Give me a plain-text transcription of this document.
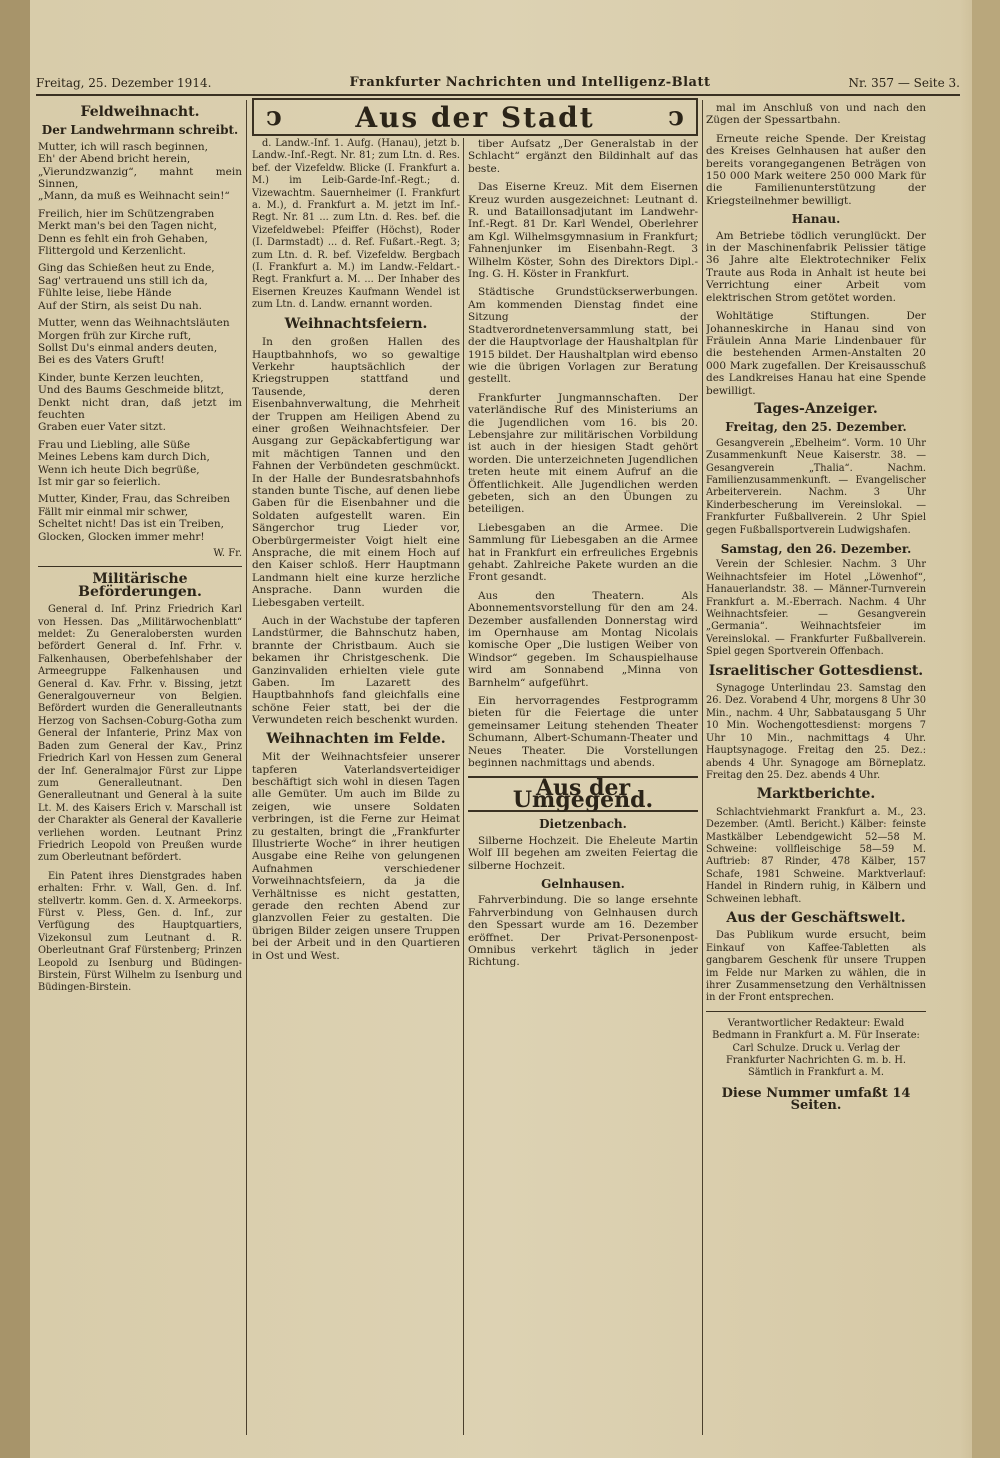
Freitag, 25. Dezember 1914.	Frankfurter Nachrichten und Intelligenz-Blatt	Nr. 357 — Seite 3.
Feldweihnacht.
Der Landwehrmann schreibt.

Mutter, ich will rasch beginnen,
Eh' der Abend bricht herein,
„Vierundzwanzig“, mahnt mein Sinnen,
„Mann, da muß es Weihnacht sein!“

Freilich, hier im Schützengraben
Merkt man's bei den Tagen nicht,
Denn es fehlt ein froh Gehaben,
Flittergold und Kerzenlicht.

Ging das Schießen heut zu Ende,
Sag' vertrauend uns still ich da,
Fühlte leise, liebe Hände
Auf der Stirn, als seist Du nah.

Mutter, wenn das Weihnachtsläuten
Morgen früh zur Kirche ruft,
Sollst Du's einmal anders deuten,
Bei es des Vaters Gruft!

Kinder, bunte Kerzen leuchten,
Und des Baums Geschmeide blitzt,
Denkt nicht dran, daß jetzt im feuchten
Graben euer Vater sitzt.

Frau und Liebling, alle Süße
Meines Lebens kam durch Dich,
Wenn ich heute Dich begrüße,
Ist mir gar so feierlich.

Mutter, Kinder, Frau, das Schreiben
Fällt mir einmal mir schwer,
Scheltet nicht! Das ist ein Treiben,
Glocken, Glocken immer mehr!

W. Fr.
Militärische Beförderungen.

General d. Inf. Prinz Friedrich Karl von Hessen. Das „Militärwochenblatt“ meldet: Zu Generalobersten wurden befördert General d. Inf. Frhr. v. Falkenhausen, Oberbefehlshaber der Armeegruppe Falkenhausen und General d. Kav. Frhr. v. Bissing, jetzt Generalgouverneur von Belgien. Befördert wurden die Generalleutnants Herzog von Sachsen-Coburg-Gotha zum General der Infanterie, Prinz Max von Baden zum General der Kav., Prinz Friedrich Karl von Hessen zum General der Inf. Generalmajor Fürst zur Lippe zum Generalleutnant. Den Generalleutnant und General à la suite Lt. M. des Kaisers Erich v. Marschall ist der Charakter als General der Kavallerie verliehen worden. Leutnant Prinz Friedrich Leopold von Preußen wurde zum Oberleutnant befördert.

Ein Patent ihres Dienstgrades haben erhalten: Frhr. v. Wall, Gen. d. Inf. stellvertr. komm. Gen. d. X. Armeekorps. Fürst v. Pless, Gen. d. Inf., zur Verfügung des Hauptquartiers, Vizekonsul zum Leutnant d. R. Oberleutnant Graf Fürstenberg; Prinzen Leopold zu Isenburg und Büdingen-Birstein, Fürst Wilhelm zu Isenburg und Büdingen-Birstein.

ↄ	Aus der Stadt	ↄ

d. Landw.-Inf. 1. Aufg. (Hanau), jetzt b. Landw.-Inf.-Regt. Nr. 81; zum Ltn. d. Res. bef. der Vizefeldw. Blicke (I. Frankfurt a. M.) im Leib-Garde-Inf.-Regt.; d. Vizewachtm. Sauernheimer (I. Frankfurt a. M.), d. Frankfurt a. M. jetzt im Inf.-Regt. Nr. 81 ... zum Ltn. d. Res. bef. die Vizefeldwebel: Pfeiffer (Höchst), Roder (I. Darmstadt) ... d. Ref. Fußart.-Regt. 3; zum Ltn. d. R. bef. Vizefeldw. Bergbach (I. Frankfurt a. M.) im Landw.-Feldart.-Regt. Frankfurt a. M. ... Der Inhaber des Eisernen Kreuzes Kaufmann Wendel ist zum Ltn. d. Landw. ernannt worden.

Weihnachtsfeiern.

In den großen Hallen des Hauptbahnhofs, wo so gewaltige Verkehr hauptsächlich der Kriegstruppen stattfand und Tausende, deren Eisenbahnverwaltung, die Mehrheit der Truppen am Heiligen Abend zu einer großen Weihnachtsfeier. Der Ausgang zur Gepäckabfertigung war mit mächtigen Tannen und den Fahnen der Verbündeten geschmückt. In der Halle der Bundesratsbahnhofs standen bunte Tische, auf denen liebe Gaben für die Eisenbahner und die Soldaten aufgestellt waren. Ein Sängerchor trug Lieder vor, Oberbürgermeister Voigt hielt eine Ansprache, die mit einem Hoch auf den Kaiser schloß. Herr Hauptmann Landmann hielt eine kurze herzliche Ansprache. Dann wurden die Liebesgaben verteilt.

Auch in der Wachstube der tapferen Landstürmer, die Bahnschutz haben, brannte der Christbaum. Auch sie bekamen ihr Christgeschenk. Die Ganzinvaliden erhielten viele gute Gaben. Im Lazarett des Hauptbahnhofs fand gleichfalls eine schöne Feier statt, bei der die Verwundeten reich beschenkt wurden.

Weihnachten im Felde.

Mit der Weihnachtsfeier unserer tapferen Vaterlandsverteidiger beschäftigt sich wohl in diesen Tagen alle Gemüter. Um auch im Bilde zu zeigen, wie unsere Soldaten verbringen, ist die Ferne zur Heimat zu gestalten, bringt die „Frankfurter Illustrierte Woche“ in ihrer heutigen Ausgabe eine Reihe von gelungenen Aufnahmen verschiedener Vorweihnachtsfeiern, da ja die Verhältnisse es nicht gestatten, gerade den rechten Abend zur glanzvollen Feier zu gestalten. Die übrigen Bilder zeigen unsere Truppen bei der Arbeit und in den Quartieren in Ost und West.

tiber Aufsatz „Der Generalstab in der Schlacht“ ergänzt den Bildinhalt auf das beste.

Das Eiserne Kreuz. Mit dem Eisernen Kreuz wurden ausgezeichnet: Leutnant d. R. und Bataillonsadjutant im Landwehr-Inf.-Regt. 81 Dr. Karl Wendel, Oberlehrer am Kgl. Wilhelmsgymnasium in Frankfurt; Fahnenjunker im Eisenbahn-Regt. 3 Wilhelm Köster, Sohn des Direktors Dipl.-Ing. G. H. Köster in Frankfurt.

Städtische Grundstückserwerbungen. Am kommenden Dienstag findet eine Sitzung der Stadtverordnetenversammlung statt, bei der die Hauptvorlage der Haushaltplan für 1915 bildet. Der Haushaltplan wird ebenso wie die übrigen Vorlagen zur Beratung gestellt.

Frankfurter Jungmannschaften. Der vaterländische Ruf des Ministeriums an die Jugendlichen vom 16. bis 20. Lebensjahre zur militärischen Vorbildung ist auch in der hiesigen Stadt gehört worden. Die unterzeichneten Jugendlichen treten heute mit einem Aufruf an die Öffentlichkeit. Alle Jugendlichen werden gebeten, sich an den Übungen zu beteiligen.

Liebesgaben an die Armee. Die Sammlung für Liebesgaben an die Armee hat in Frankfurt ein erfreuliches Ergebnis gehabt. Zahlreiche Pakete wurden an die Front gesandt.

Aus den Theatern. Als Abonnementsvorstellung für den am 24. Dezember ausfallenden Donnerstag wird im Opernhause am Montag Nicolais komische Oper „Die lustigen Weiber von Windsor“ gegeben. Im Schauspielhause wird am Sonnabend „Minna von Barnhelm“ aufgeführt.

Ein hervorragendes Festprogramm bieten für die Feiertage die unter gemeinsamer Leitung stehenden Theater Schumann, Albert-Schumann-Theater und Neues Theater. Die Vorstellungen beginnen nachmittags und abends.

Aus der Umgegend.
Dietzenbach.

Silberne Hochzeit. Die Eheleute Martin Wolf III begehen am zweiten Feiertag die silberne Hochzeit.

Gelnhausen.

Fahrverbindung. Die so lange ersehnte Fahrverbindung von Gelnhausen durch den Spessart wurde am 16. Dezember eröffnet. Der Privat-Personenpost-Omnibus verkehrt täglich in jeder Richtung.

mal im Anschluß von und nach den Zügen der Spessartbahn.

Erneute reiche Spende. Der Kreistag des Kreises Gelnhausen hat außer den bereits vorangegangenen Beträgen von 150 000 Mark weitere 250 000 Mark für die Familienunterstützung der Kriegsteilnehmer bewilligt.

Hanau.

Am Betriebe tödlich verunglückt. Der in der Maschinenfabrik Pelissier tätige 36 Jahre alte Elektrotechniker Felix Traute aus Roda in Anhalt ist heute bei Verrichtung einer Arbeit vom elektrischen Strom getötet worden.

Wohltätige Stiftungen. Der Johanneskirche in Hanau sind von Fräulein Anna Marie Lindenbauer für die bestehenden Armen-Anstalten 20 000 Mark zugefallen. Der Kreisausschuß des Landkreises Hanau hat eine Spende bewilligt.

Tages-Anzeiger.
Freitag, den 25. Dezember.

Gesangverein „Ebelheim“. Vorm. 10 Uhr Zusammenkunft Neue Kaiserstr. 38. — Gesangverein „Thalia“. Nachm. Familienzusammenkunft. — Evangelischer Arbeiterverein. Nachm. 3 Uhr Kinderbescherung im Vereinslokal. — Frankfurter Fußballverein. 2 Uhr Spiel gegen Fußballsportverein Ludwigshafen.

Samstag, den 26. Dezember.

Verein der Schlesier. Nachm. 3 Uhr Weihnachtsfeier im Hotel „Löwenhof“, Hanauerlandstr. 38. — Männer-Turnverein Frankfurt a. M.-Eberrach. Nachm. 4 Uhr Weihnachtsfeier. — Gesangverein „Germania“. Weihnachtsfeier im Vereinslokal. — Frankfurter Fußballverein. Spiel gegen Sportverein Offenbach.

Israelitischer Gottesdienst.

Synagoge Unterlindau 23. Samstag den 26. Dez. Vorabend 4 Uhr, morgens 8 Uhr 30 Min., nachm. 4 Uhr, Sabbatausgang 5 Uhr 10 Min. Wochengottesdienst: morgens 7 Uhr 10 Min., nachmittags 4 Uhr. Hauptsynagoge. Freitag den 25. Dez.: abends 4 Uhr. Synagoge am Börneplatz. Freitag den 25. Dez. abends 4 Uhr.

Marktberichte.

Schlachtviehmarkt Frankfurt a. M., 23. Dezember. (Amtl. Bericht.) Kälber: feinste Mastkälber Lebendgewicht 52—58 M. Schweine: vollfleischige 58—59 M. Auftrieb: 87 Rinder, 478 Kälber, 157 Schafe, 1981 Schweine. Marktverlauf: Handel in Rindern ruhig, in Kälbern und Schweinen lebhaft.

Aus der Geschäftswelt.

Das Publikum wurde ersucht, beim Einkauf von Kaffee-Tabletten als gangbarem Geschenk für unsere Truppen im Felde nur Marken zu wählen, die in ihrer Zusammensetzung den Verhältnissen in der Front entsprechen.

Verantwortlicher Redakteur: Ewald Bedmann in Frankfurt a. M. Für Inserate: Carl Schulze. Druck u. Verlag der Frankfurter Nachrichten G. m. b. H. Sämtlich in Frankfurt a. M.

Diese Nummer umfaßt 14 Seiten.
